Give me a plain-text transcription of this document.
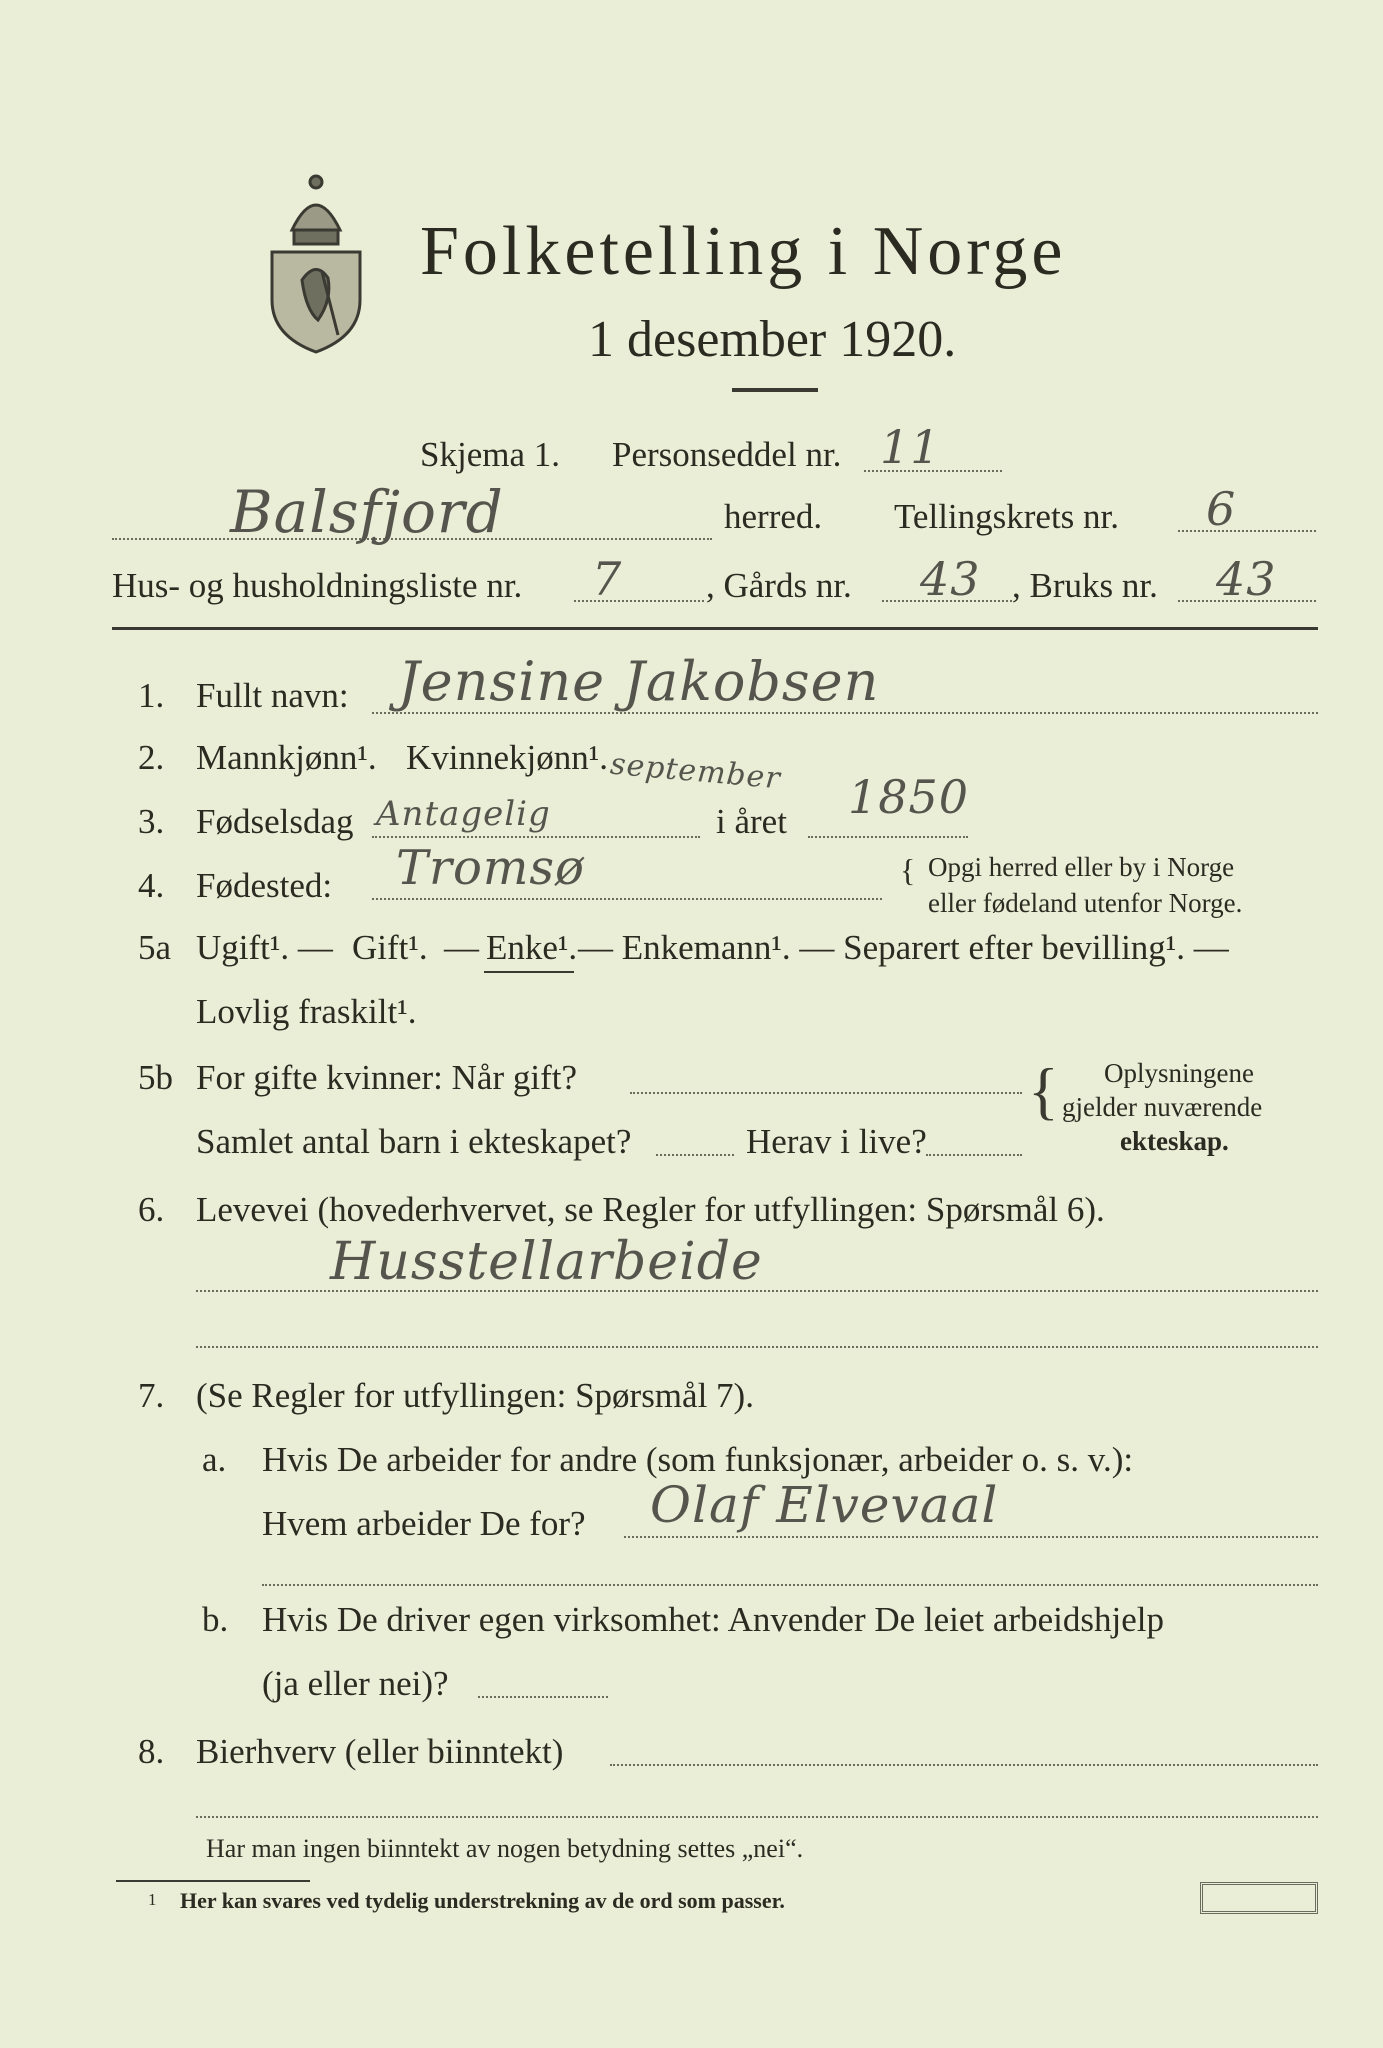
Folketelling i Norge
1 desember 1920.
Skjema 1. Personseddel nr. 11
Balsfjord	herred. Tellingskrets nr. 6
Hus- og husholdningsliste nr. 7 , Gårds nr. 43 , Bruks nr. 43
1. Fullt navn: Jensine Jakobsen
2. Mannkjønn¹. Kvinnekjønn¹.
3. Fødselsdag Antagelig
september
i året 1850
4. Fødested: Tromsø	{ Opgi herred eller by i Norge
eller fødeland utenfor Norge.
5a Ugift¹. — Gift¹. — Enke¹. — Enkemann¹. — Separert efter bevilling¹. —
Lovlig fraskilt¹.
5b For gifte kvinner: Når gift?
Samlet antal barn i ekteskapet?	Herav i live?
{ Oplysningene
gjelder nuværende
ekteskap.
6. Levevei (hovederhvervet, se Regler for utfyllingen: Spørsmål 6).
Husstellarbeide
7. (Se Regler for utfyllingen: Spørsmål 7).
a. Hvis De arbeider for andre (som funksjonær, arbeider o. s. v.):
Hvem arbeider De for? Olaf Elvevaal
b. Hvis De driver egen virksomhet: Anvender De leiet arbeidshjelp
(ja eller nei)?
8. Bierhverv (eller biinntekt)
Har man ingen biinntekt av nogen betydning settes „nei“.
1 Her kan svares ved tydelig understrekning av de ord som passer.
